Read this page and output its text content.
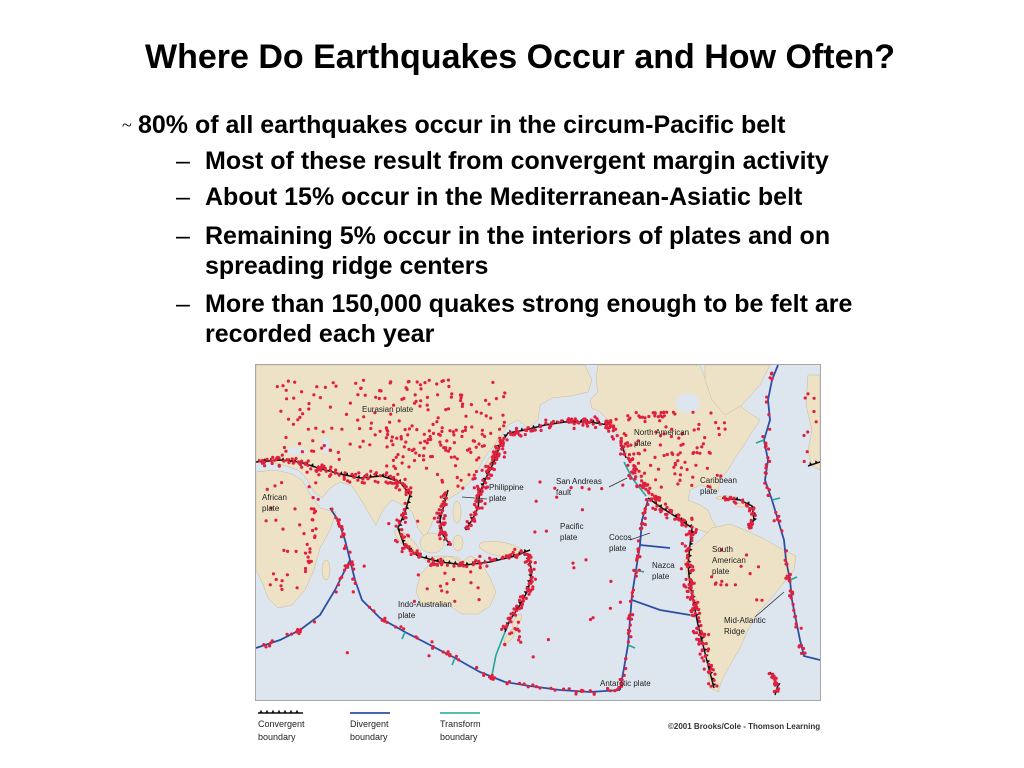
Where Do Earthquakes Occur and How Often?
~ 80% of all earthquakes occur in the circum-Pacific belt
– Most of these result from convergent margin activity
– About 15% occur in the Mediterranean-Asiatic belt
– Remaining 5% occur in the interiors of plates and on
spreading ridge centers
– More than 150,000 quakes strong enough to be felt are
recorded each year
Eurasian plate
North American
plate
African
plate
Philippine
plate
San Andreas
fault
Caribbean
plate
Pacific
plate	Cocos
plate	South
American
plate
Nazca
plate
Indo-Australian
plate
Mid-Atlantic
Ridge
Antarctic plate
Convergent
boundary
Divergent
boundary
Transform
boundary
©2001 Brooks/Cole - Thomson Learning
